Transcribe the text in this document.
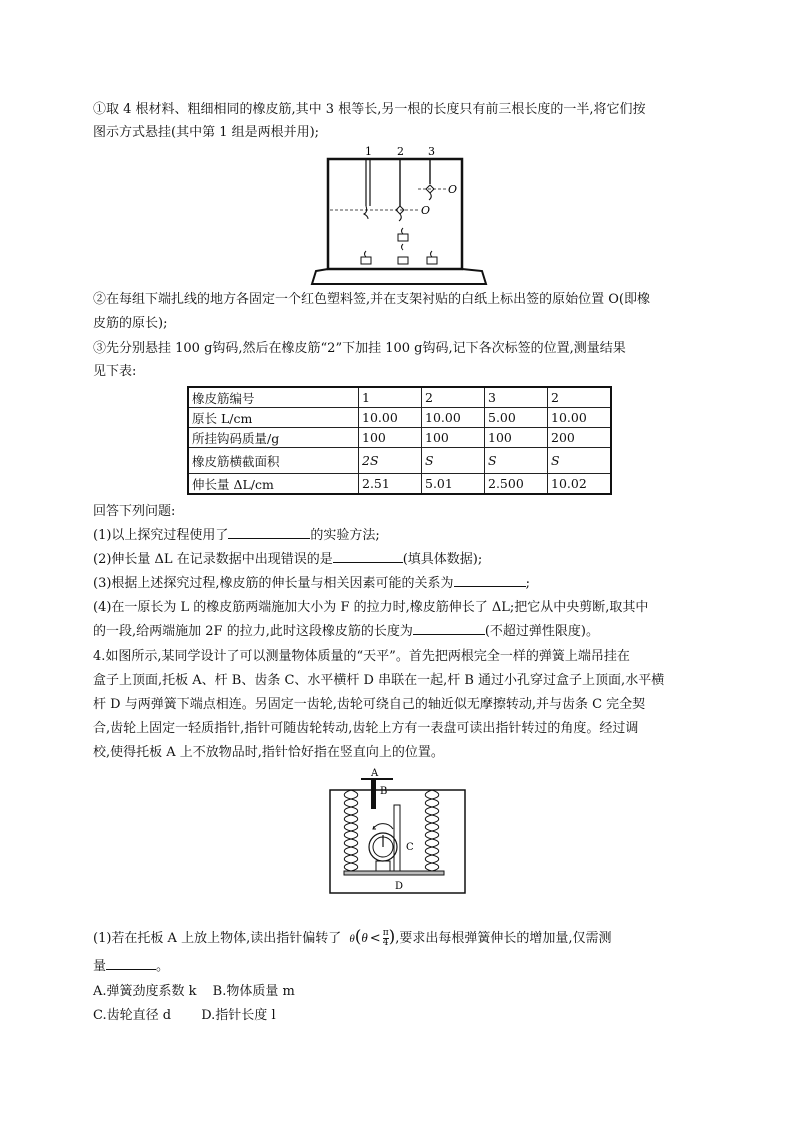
①取 4 根材料、粗细相同的橡皮筋,其中 3 根等长,另一根的长度只有前三根长度的一半,将它们按
图示方式悬挂(其中第 1 组是两根并用);
1 2 3
O
O
②在每组下端扎线的地方各固定一个红色塑料签,并在支架衬贴的白纸上标出签的原始位置 O(即橡
皮筋的原长);
③先分别悬挂 100 g钩码,然后在橡皮筋“2”下加挂 100 g钩码,记下各次标签的位置,测量结果
见下表:
橡皮筋编号	1	2	3	2
原长 L/cm	10.00	10.00	5.00	10.00
所挂钩码质量/g	100	100	100	200
橡皮筋横截面积	2S	S	S	S
伸长量 ΔL/cm	2.51	5.01	2.500	10.02
回答下列问题:
(1)以上探究过程使用了	的实验方法;
(2)伸长量 ΔL 在记录数据中出现错误的是	(填具体数据);
(3)根据上述探究过程,橡皮筋的伸长量与相关因素可能的关系为	;
(4)在一原长为 L 的橡皮筋两端施加大小为 F 的拉力时,橡皮筋伸长了 ΔL;把它从中央剪断,取其中
的一段,给两端施加 2F 的拉力,此时这段橡皮筋的长度为	(不超过弹性限度)。
4.如图所示,某同学设计了可以测量物体质量的“天平”。首先把两根完全一样的弹簧上端吊挂在
盒子上顶面,托板 A、杆 B、齿条 C、水平横杆 D 串联在一起,杆 B 通过小孔穿过盒子上顶面,水平横
杆 D 与两弹簧下端点相连。另固定一齿轮,齿轮可绕自己的轴近似无摩擦转动,并与齿条 C 完全契
合,齿轮上固定一轻质指针,指针可随齿轮转动,齿轮上方有一表盘可读出指针转过的角度。经过调
校,使得托板 A 上不放物品时,指针恰好指在竖直向上的位置。
A
B
C
D
(1)若在托板 A 上放上物体,读出指针偏转了 $\theta(\theta < \frac{\pi}{4}$ ),要求出每根弹簧伸长的增加量,仅需测
量	。
A.弹簧劲度系数 k B.物体质量 m
C.齿轮直径 d D.指针长度 l
